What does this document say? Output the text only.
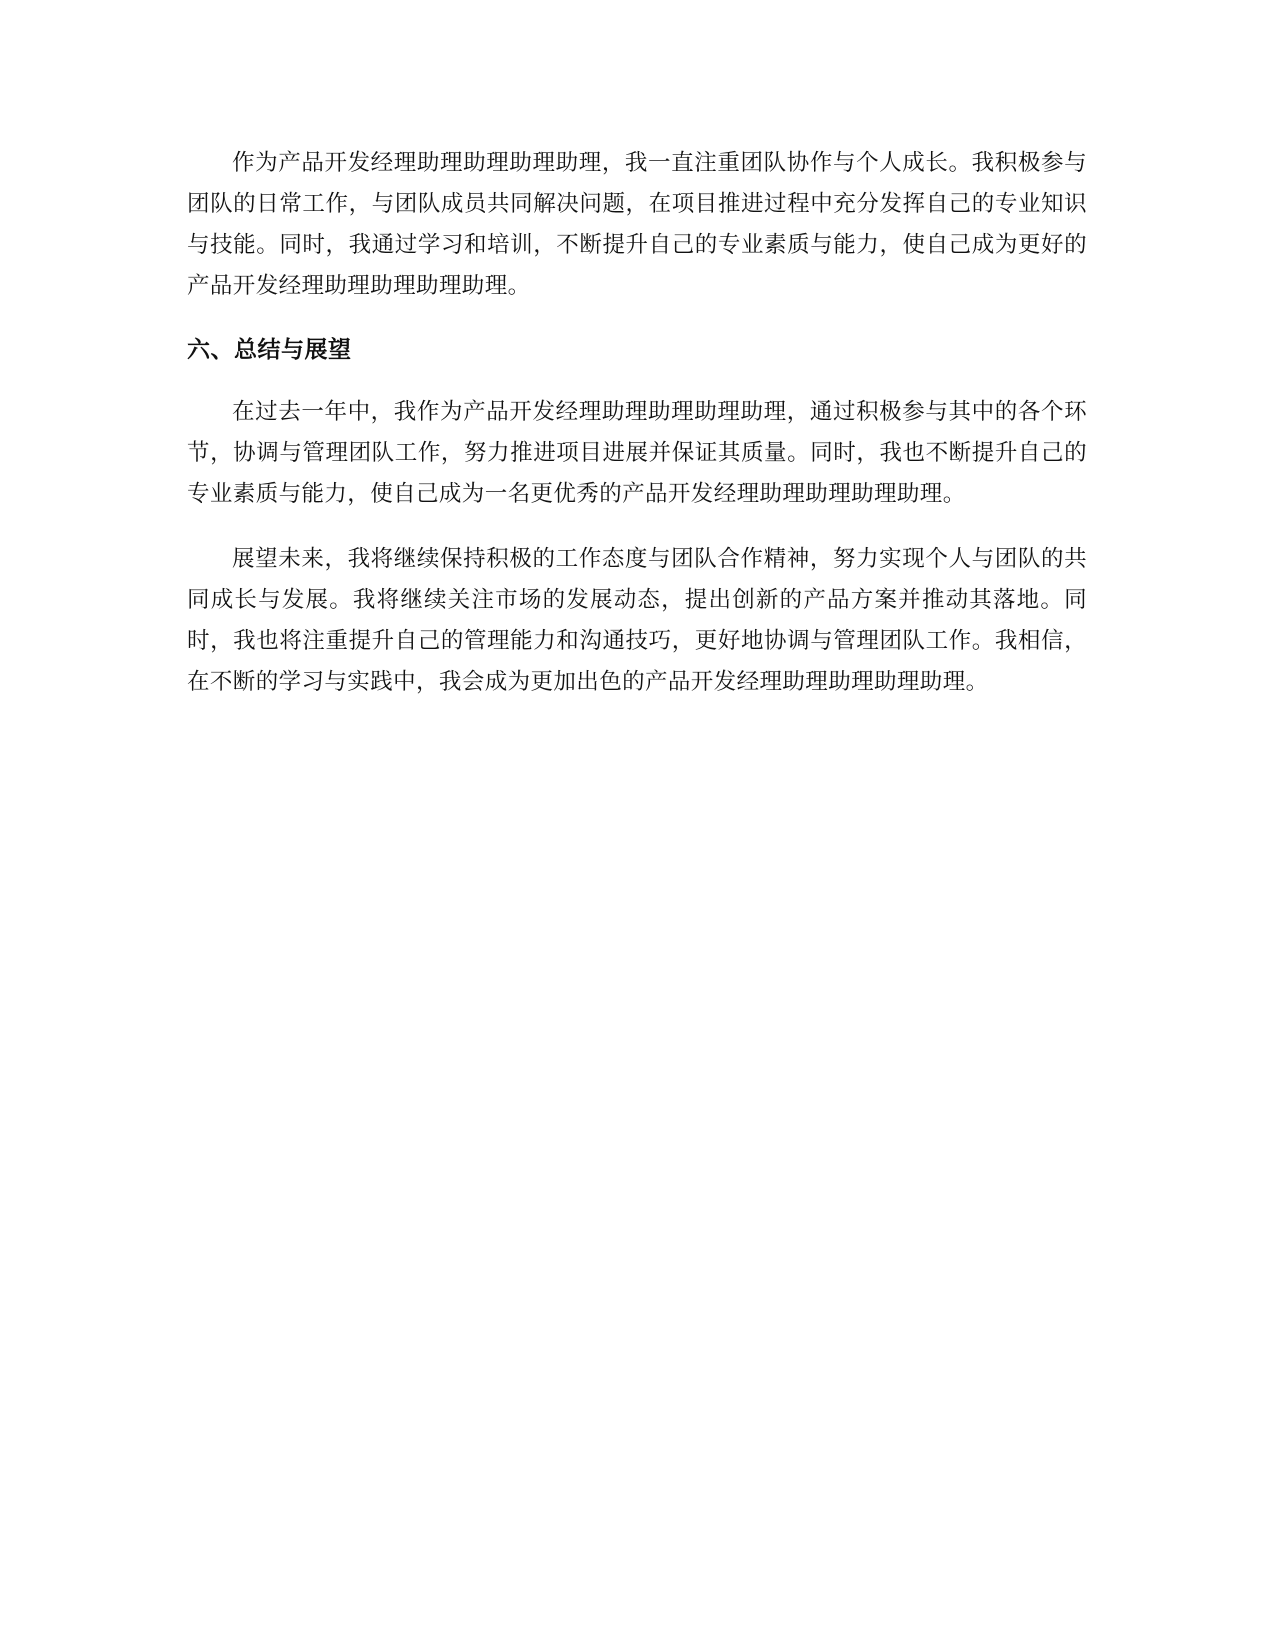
作为产品开发经理助理助理助理助理，我一直注重团队协作与个人成长。我积极参与团队的日常工作，与团队成员共同解决问题，在项目推进过程中充分发挥自己的专业知识与技能。同时，我通过学习和培训，不断提升自己的专业素质与能力，使自己成为更好的产品开发经理助理助理助理助理。

六、总结与展望

在过去一年中，我作为产品开发经理助理助理助理助理，通过积极参与其中的各个环节，协调与管理团队工作，努力推进项目进展并保证其质量。同时，我也不断提升自己的专业素质与能力，使自己成为一名更优秀的产品开发经理助理助理助理助理。

展望未来，我将继续保持积极的工作态度与团队合作精神，努力实现个人与团队的共同成长与发展。我将继续关注市场的发展动态，提出创新的产品方案并推动其落地。同时，我也将注重提升自己的管理能力和沟通技巧，更好地协调与管理团队工作。我相信，在不断的学习与实践中，我会成为更加出色的产品开发经理助理助理助理助理。
